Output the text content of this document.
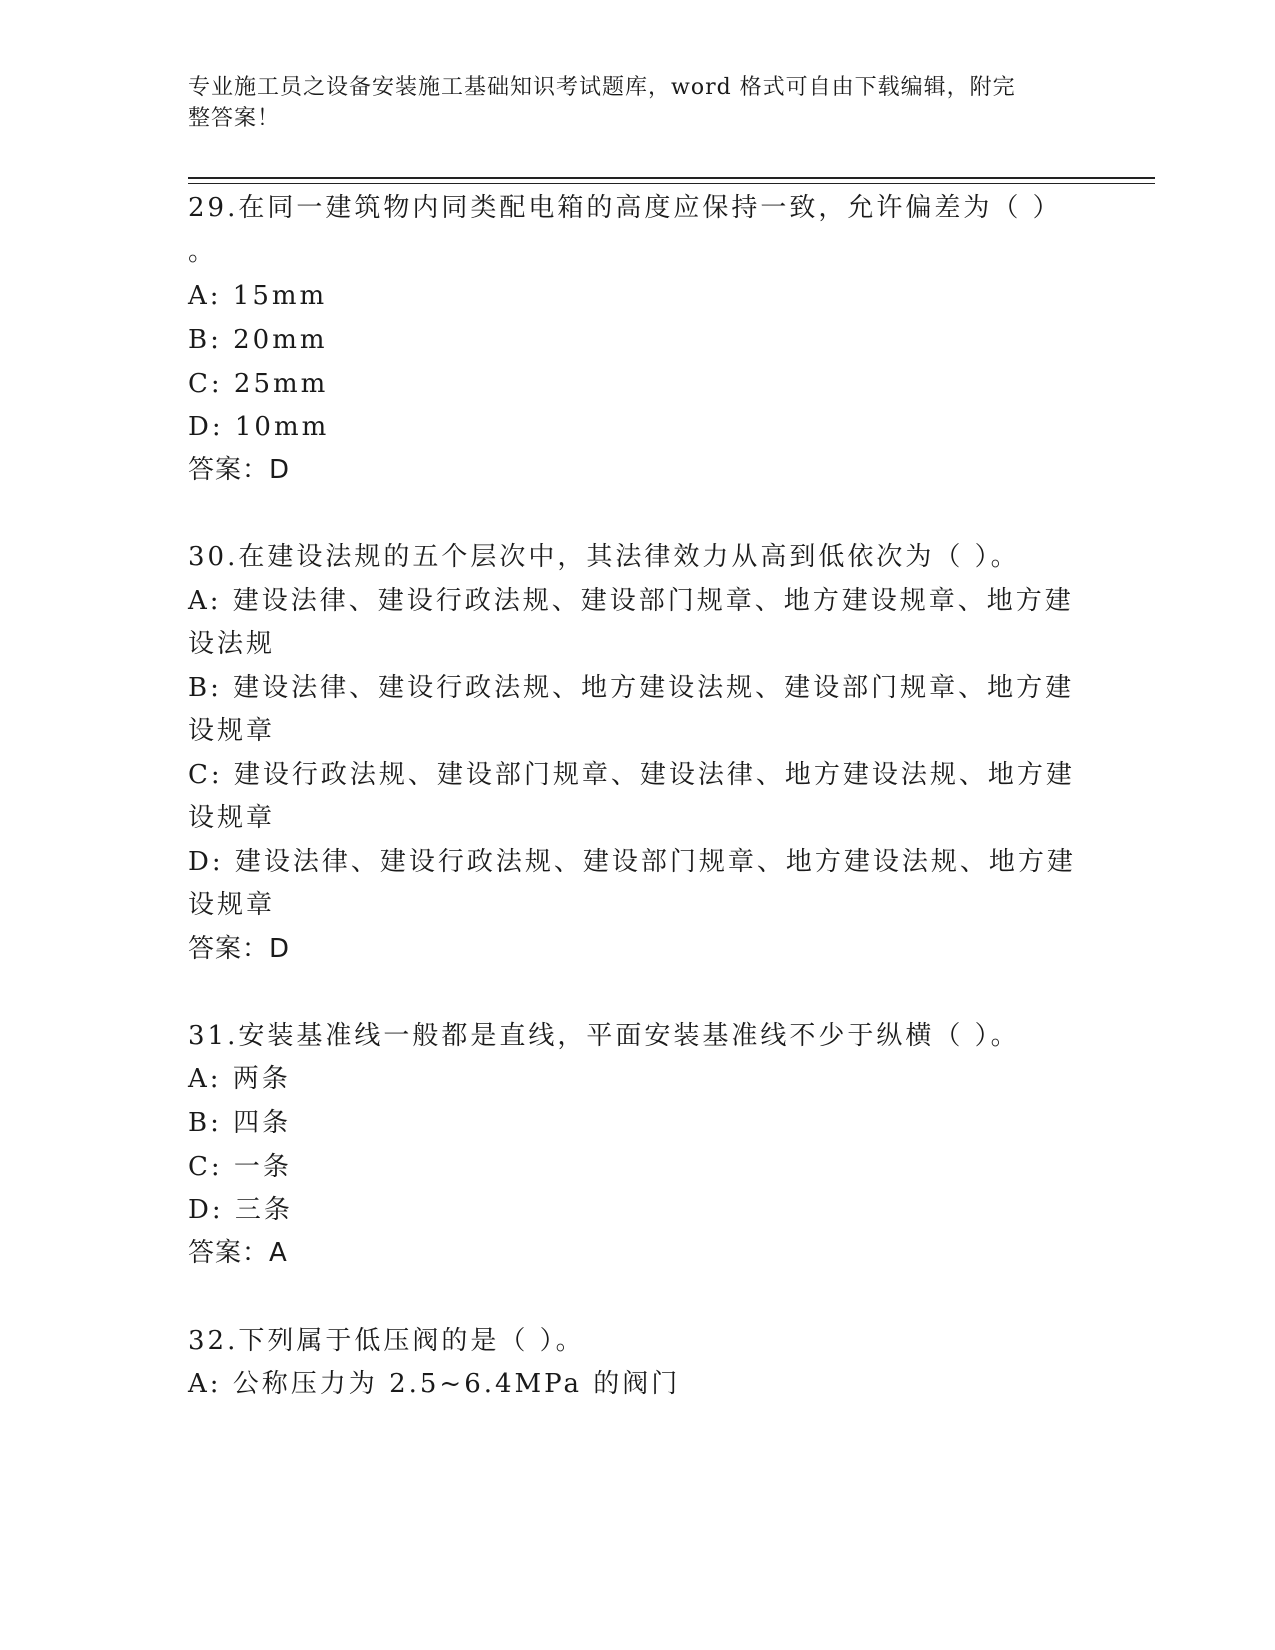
专业施工员之设备安装施工基础知识考试题库，word 格式可自由下载编辑，附完
整答案！
29.在同一建筑物内同类配电箱的高度应保持一致，允许偏差为（ ）
。
A: 15mm
B: 20mm
C: 25mm
D: 10mm
答案：D
30.在建设法规的五个层次中，其法律效力从高到低依次为（ ）。
A: 建设法律、建设行政法规、建设部门规章、地方建设规章、地方建
设法规
B: 建设法律、建设行政法规、地方建设法规、建设部门规章、地方建
设规章
C: 建设行政法规、建设部门规章、建设法律、地方建设法规、地方建
设规章
D: 建设法律、建设行政法规、建设部门规章、地方建设法规、地方建
设规章
答案：D
31.安装基准线一般都是直线，平面安装基准线不少于纵横（ ）。
A: 两条
B: 四条
C: 一条
D: 三条
答案：A
32.下列属于低压阀的是（ ）。
A: 公称压力为 2.5~6.4MPa 的阀门
